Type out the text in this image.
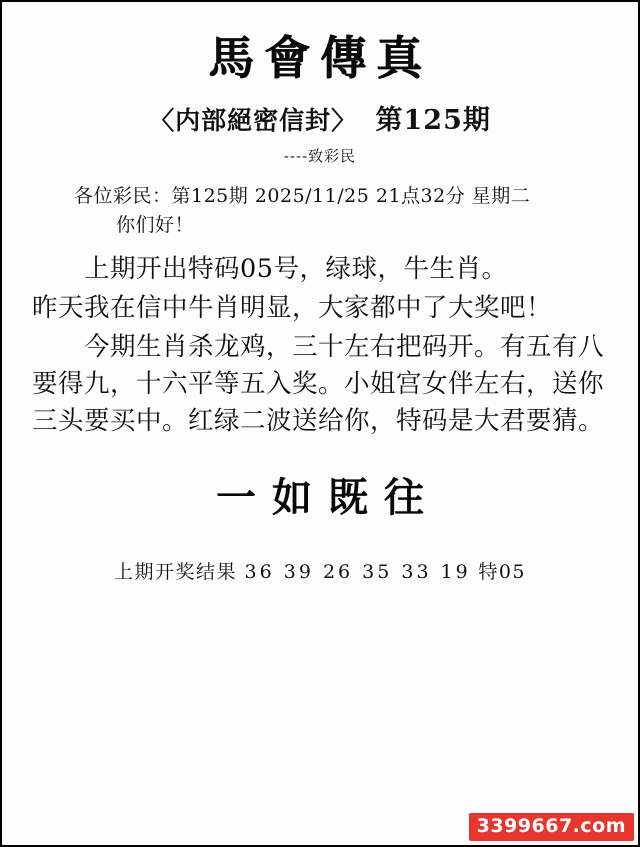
馬會傳真
〈内部絕密信封〉 第125期
----致彩民
各位彩民：第125期 2025/11/25 21点32分 星期二
你们好！

上期开出特码05号，绿球，牛生肖。

昨天我在信中牛肖明显，大家都中了大奖吧！

今期生肖杀龙鸡，三十左右把码开。有五有八要得九，十六平等五入奖。小姐宫女伴左右，送你三头要买中。红绿二波送给你，特码是大君要猜。

一如既往
上期开奖结果 36 39 26 35 33 19 特05
3399667.com
